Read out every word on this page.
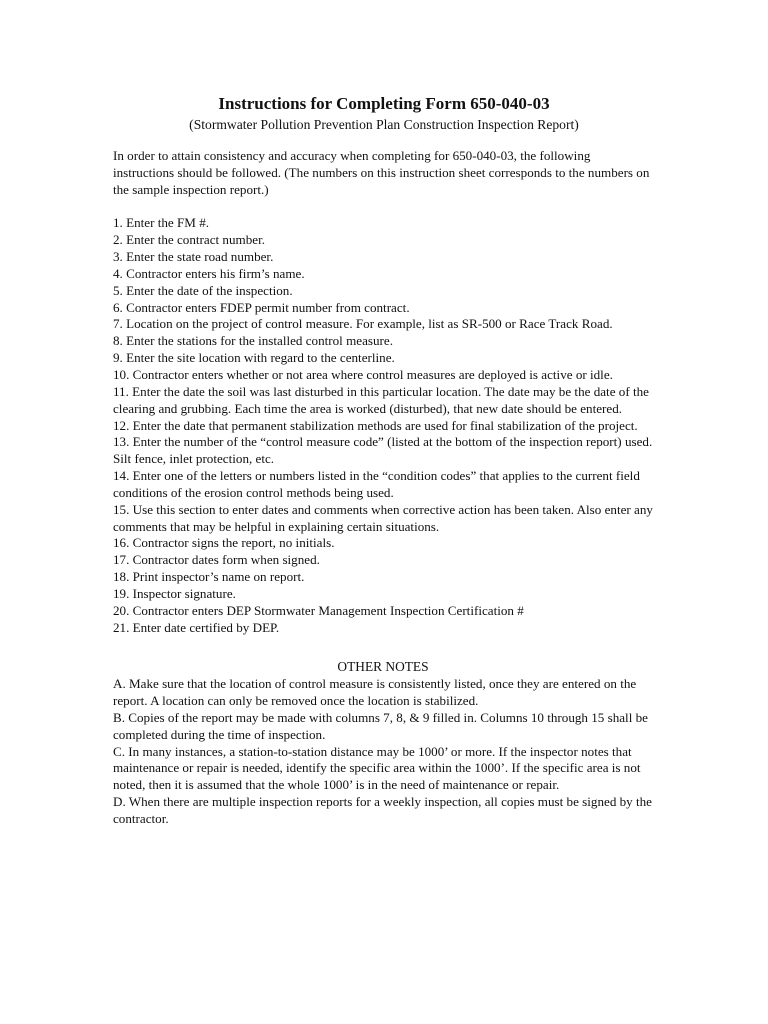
Instructions for Completing Form 650-040-03
(Stormwater Pollution Prevention Plan Construction Inspection Report)

In order to attain consistency and accuracy when completing for 650-040-03, the following instructions should be followed. (The numbers on this instruction sheet corresponds to the numbers on the sample inspection report.)

1. Enter the FM #.
2. Enter the contract number.
3. Enter the state road number.
4. Contractor enters his firm’s name.
5. Enter the date of the inspection.
6. Contractor enters FDEP permit number from contract.
7. Location on the project of control measure. For example, list as SR-500 or Race Track Road.
8. Enter the stations for the installed control measure.
9. Enter the site location with regard to the centerline.
10. Contractor enters whether or not area where control measures are deployed is active or idle.
11. Enter the date the soil was last disturbed in this particular location. The date may be the date of the clearing and grubbing. Each time the area is worked (disturbed), that new date should be entered.
12. Enter the date that permanent stabilization methods are used for final stabilization of the project.
13. Enter the number of the “control measure code” (listed at the bottom of the inspection report) used. Silt fence, inlet protection, etc.
14. Enter one of the letters or numbers listed in the “condition codes” that applies to the current field conditions of the erosion control methods being used.
15. Use this section to enter dates and comments when corrective action has been taken. Also enter any comments that may be helpful in explaining certain situations.
16. Contractor signs the report, no initials.
17. Contractor dates form when signed.
18. Print inspector’s name on report.
19. Inspector signature.
20. Contractor enters DEP Stormwater Management Inspection Certification #
21. Enter date certified by DEP.

OTHER NOTES

A. Make sure that the location of control measure is consistently listed, once they are entered on the report. A location can only be removed once the location is stabilized.
B. Copies of the report may be made with columns 7, 8, & 9 filled in. Columns 10 through 15 shall be completed during the time of inspection.
C. In many instances, a station-to-station distance may be 1000’ or more. If the inspector notes that maintenance or repair is needed, identify the specific area within the 1000’. If the specific area is not noted, then it is assumed that the whole 1000’ is in the need of maintenance or repair.
D. When there are multiple inspection reports for a weekly inspection, all copies must be signed by the contractor.
